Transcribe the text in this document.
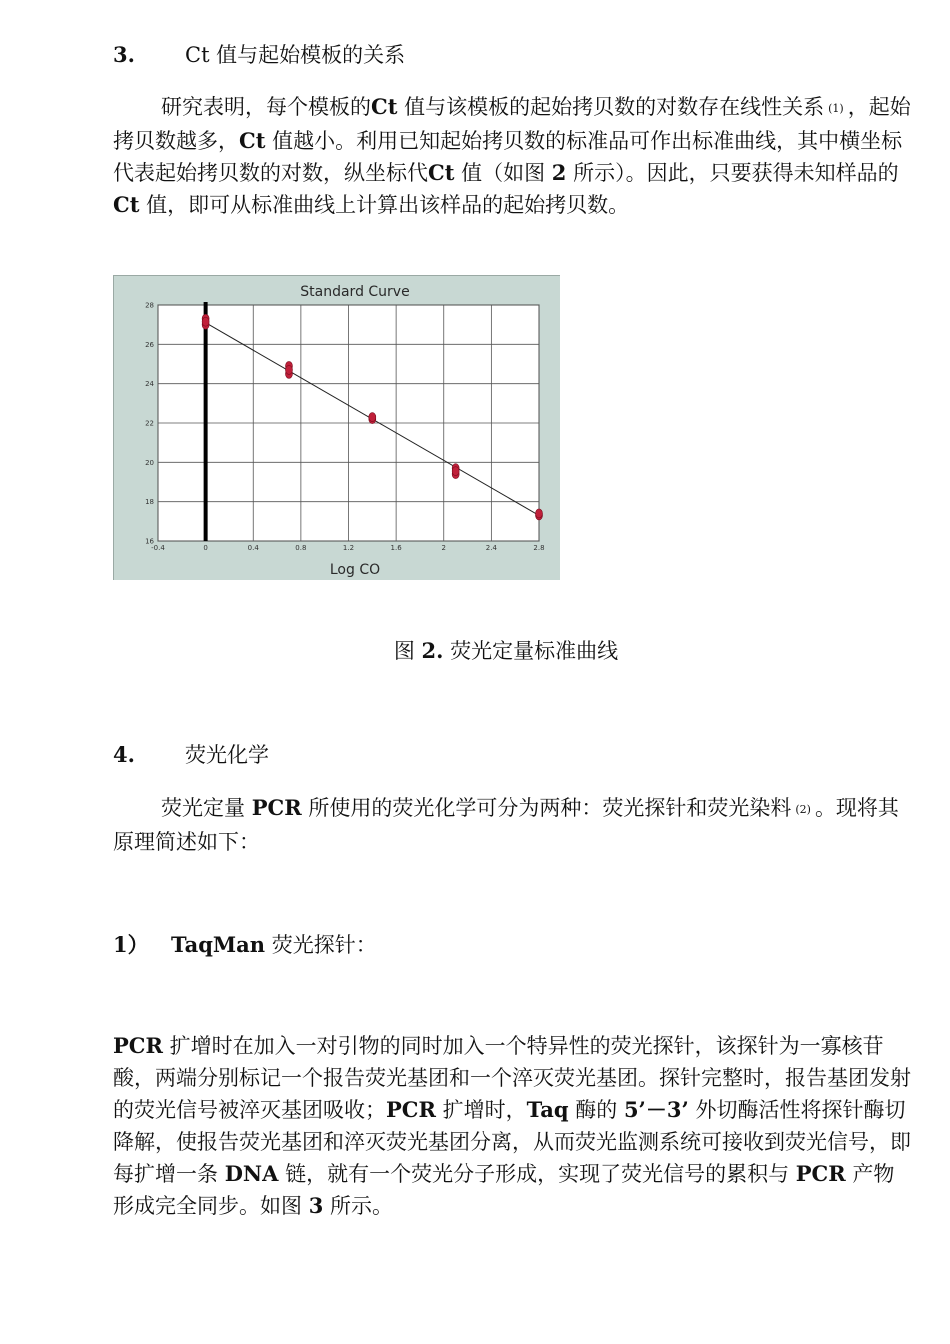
3. Ct 值与起始模板的关系

研究表明，每个模板的Ct 值与该模板的起始拷贝数的对数存在线性关系 $^{(1)}$ ，起始拷贝数越多，Ct 值越小。利用已知起始拷贝数的标准品可作出标准曲线，其中横坐标代表起始拷贝数的对数，纵坐标代Ct 值（如图 2 所示）。因此，只要获得未知样品的 Ct 值，即可从标准曲线上计算出该样品的起始拷贝数。

Standard Curve
Log CO
-0.4	0	0.4	0.8	1.2	1.6	2	2.4	2.8
28
26
24
22
20
18
16
图 2. 荧光定量标准曲线
4. 荧光化学

荧光定量 PCR 所使用的荧光化学可分为两种：荧光探针和荧光染料 $^{(2)}$ 。现将其原理简述如下：

1） TaqMan 荧光探针：

PCR 扩增时在加入一对引物的同时加入一个特异性的荧光探针，该探针为一寡核苷酸，两端分别标记一个报告荧光基团和一个淬灭荧光基团。探针完整时，报告基团发射的荧光信号被淬灭基团吸收；PCR 扩增时，Taq 酶的 5’－3’ 外切酶活性将探针酶切降解，使报告荧光基团和淬灭荧光基团分离，从而荧光监测系统可接收到荧光信号，即每扩增一条 DNA 链，就有一个荧光分子形成，实现了荧光信号的累积与 PCR 产物形成完全同步。如图 3 所示。
